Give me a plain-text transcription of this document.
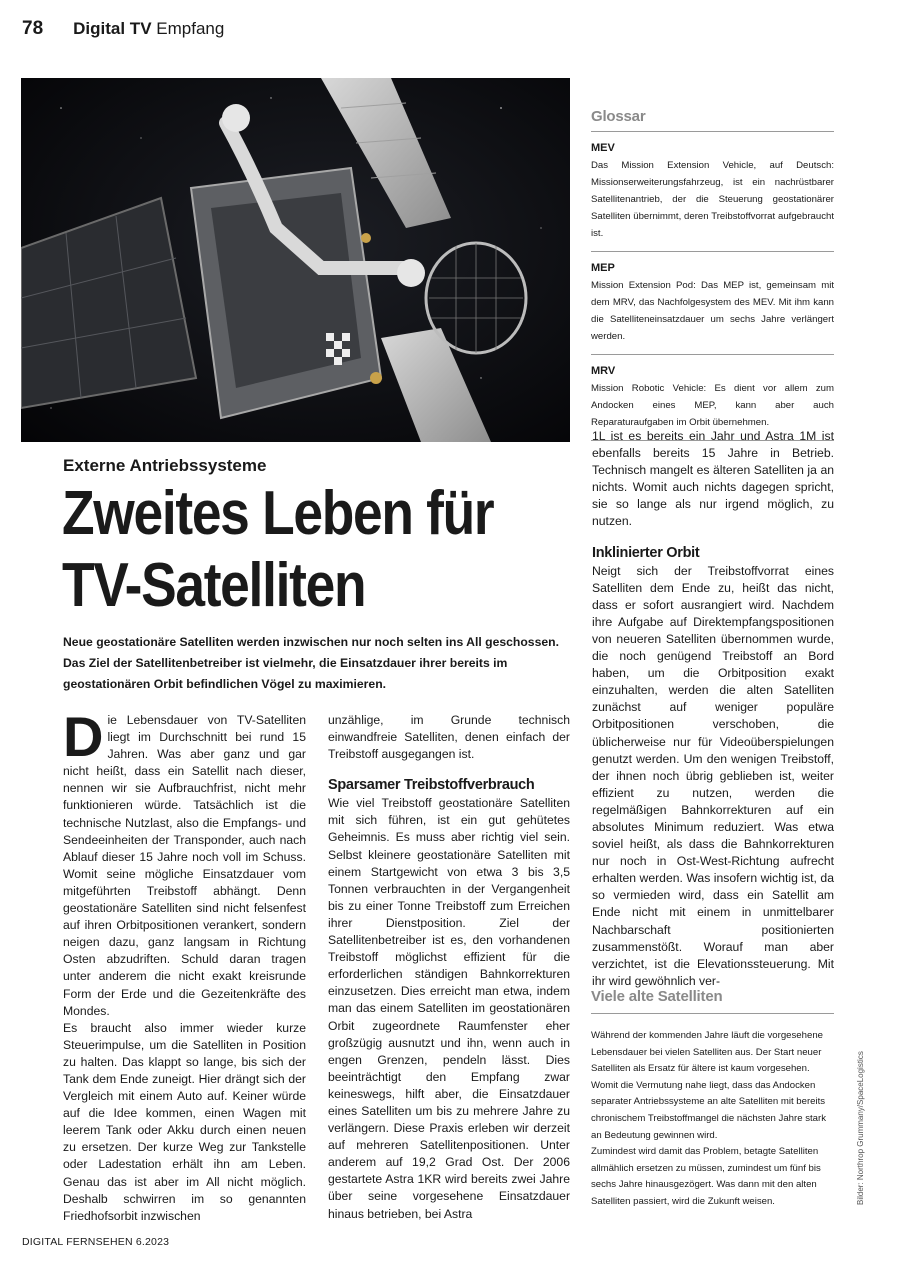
78 Digital TV Empfang
Externe Antriebssysteme
Zweites Leben für
TV-Satelliten
Neue geostationäre Satelliten werden inzwischen nur noch selten ins All geschossen. Das Ziel der Satellitenbetreiber ist vielmehr, die Einsatzdauer ihrer bereits im geostationären Orbit befindlichen Vögel zu maximieren.

Die Lebensdauer von TV-Satelliten liegt im Durchschnitt bei rund 15 Jahren. Was aber ganz und gar nicht heißt, dass ein Satellit nach dieser, nennen wir sie Aufbrauchfrist, nicht mehr funktionieren würde. Tatsächlich ist die technische Nutzlast, also die Empfangs- und Sendeeinheiten der Transponder, auch nach Ablauf dieser 15 Jahre noch voll im Schuss. Womit seine mögliche Einsatzdauer vom mitgeführten Treibstoff abhängt. Denn geostationäre Satelliten sind nicht felsenfest auf ihren Orbitpositionen verankert, sondern neigen dazu, ganz langsam in Richtung Osten abzudriften. Schuld daran tragen unter anderem die nicht exakt kreisrunde Form der Erde und die Gezeitenkräfte des Mondes.

Es braucht also immer wieder kurze Steuerimpulse, um die Satelliten in Position zu halten. Das klappt so lange, bis sich der Tank dem Ende zuneigt. Hier drängt sich der Vergleich mit einem Auto auf. Keiner würde auf die Idee kommen, einen Wagen mit leerem Tank oder Akku durch einen neuen zu ersetzen. Der kurze Weg zur Tankstelle oder Ladestation erhält ihn am Leben. Genau das ist aber im All nicht möglich. Deshalb schwirren im so genannten Friedhofsorbit inzwischen

unzählige, im Grunde technisch einwandfreie Satelliten, denen einfach der Treibstoff ausgegangen ist.

Sparsamer Treibstoffverbrauch

Wie viel Treibstoff geostationäre Satelliten mit sich führen, ist ein gut gehütetes Geheimnis. Es muss aber richtig viel sein. Selbst kleinere geostationäre Satelliten mit einem Startgewicht von etwa 3 bis 3,5 Tonnen verbrauchten in der Vergangenheit bis zu einer Tonne Treibstoff zum Erreichen ihrer Dienstposition. Ziel der Satellitenbetreiber ist es, den vorhandenen Treibstoff möglichst effizient für die erforderlichen ständigen Bahnkorrekturen einzusetzen. Dies erreicht man etwa, indem man das einem Satelliten im geostationären Orbit zugeordnete Raumfenster eher großzügig ausnutzt und ihn, wenn auch in engen Grenzen, pendeln lässt. Dies beeinträchtigt den Empfang zwar keineswegs, hilft aber, die Einsatzdauer eines Satelliten um bis zu mehrere Jahre zu verlängern. Diese Praxis erleben wir derzeit auf mehreren Satellitenpositionen. Unter anderem auf 19,2 Grad Ost. Der 2006 gestartete Astra 1KR wird bereits zwei Jahre über seine vorgesehene Einsatzdauer hinaus betrieben, bei Astra

Glossar
MEV
Das Mission Extension Vehicle, auf Deutsch: Missionserweiterungsfahrzeug, ist ein nachrüstbarer Satellitenantrieb, der die Steuerung geostationärer Satelliten übernimmt, deren Treibstoffvorrat aufgebraucht ist.
MEP
Mission Extension Pod: Das MEP ist, gemeinsam mit dem MRV, das Nachfolgesystem des MEV. Mit ihm kann die Satelliteneinsatzdauer um sechs Jahre verlängert werden.
MRV
Mission Robotic Vehicle: Es dient vor allem zum Andocken eines MEP, kann aber auch Reparaturaufgaben im Orbit übernehmen.

1L ist es bereits ein Jahr und Astra 1M ist ebenfalls bereits 15 Jahre in Betrieb. Technisch mangelt es älteren Satelliten ja an nichts. Womit auch nichts dagegen spricht, sie so lange als nur irgend möglich, zu nutzen.

Inklinierter Orbit

Neigt sich der Treibstoffvorrat eines Satelliten dem Ende zu, heißt das nicht, dass er sofort ausrangiert wird. Nachdem ihre Aufgabe auf Direktempfangspositionen von neueren Satelliten übernommen wurde, die noch genügend Treibstoff an Bord haben, um die Orbitposition exakt einzuhalten, werden die alten Satelliten zunächst auf weniger populäre Orbitpositionen verschoben, die üblicherweise nur für Videoüberspielungen genutzt werden. Um den wenigen Treibstoff, der ihnen noch übrig geblieben ist, weiter effizient zu nutzen, werden die regelmäßigen Bahnkorrekturen auf ein absolutes Minimum reduziert. Was etwa soviel heißt, als dass die Bahnkorrekturen nur noch in Ost-West-Richtung aufrecht erhalten werden. Was insofern wichtig ist, da so vermieden wird, dass ein Satellit am Ende nicht mit einem in unmittelbarer Nachbarschaft positionierten zusammenstößt. Worauf man aber verzichtet, ist die Elevationssteuerung. Mit ihr wird gewöhnlich ver-

Viele alte Satelliten

Während der kommenden Jahre läuft die vorgesehene Lebensdauer bei vielen Satelliten aus. Der Start neuer Satelliten als Ersatz für ältere ist kaum vorgesehen. Womit die Vermutung nahe liegt, dass das Andocken separater Antriebssysteme an alte Satelliten mit bereits chronischem Treibstoffmangel die nächsten Jahre stark an Bedeutung gewinnen wird.

Zumindest wird damit das Problem, betagte Satelliten allmählich ersetzen zu müssen, zumindest um fünf bis sechs Jahre hinausgezögert. Was dann mit den alten Satelliten passiert, wird die Zukunft weisen.	Bilder: Northrop Grummany/SpaceLogistics
DIGITAL FERNSEHEN 6.2023
